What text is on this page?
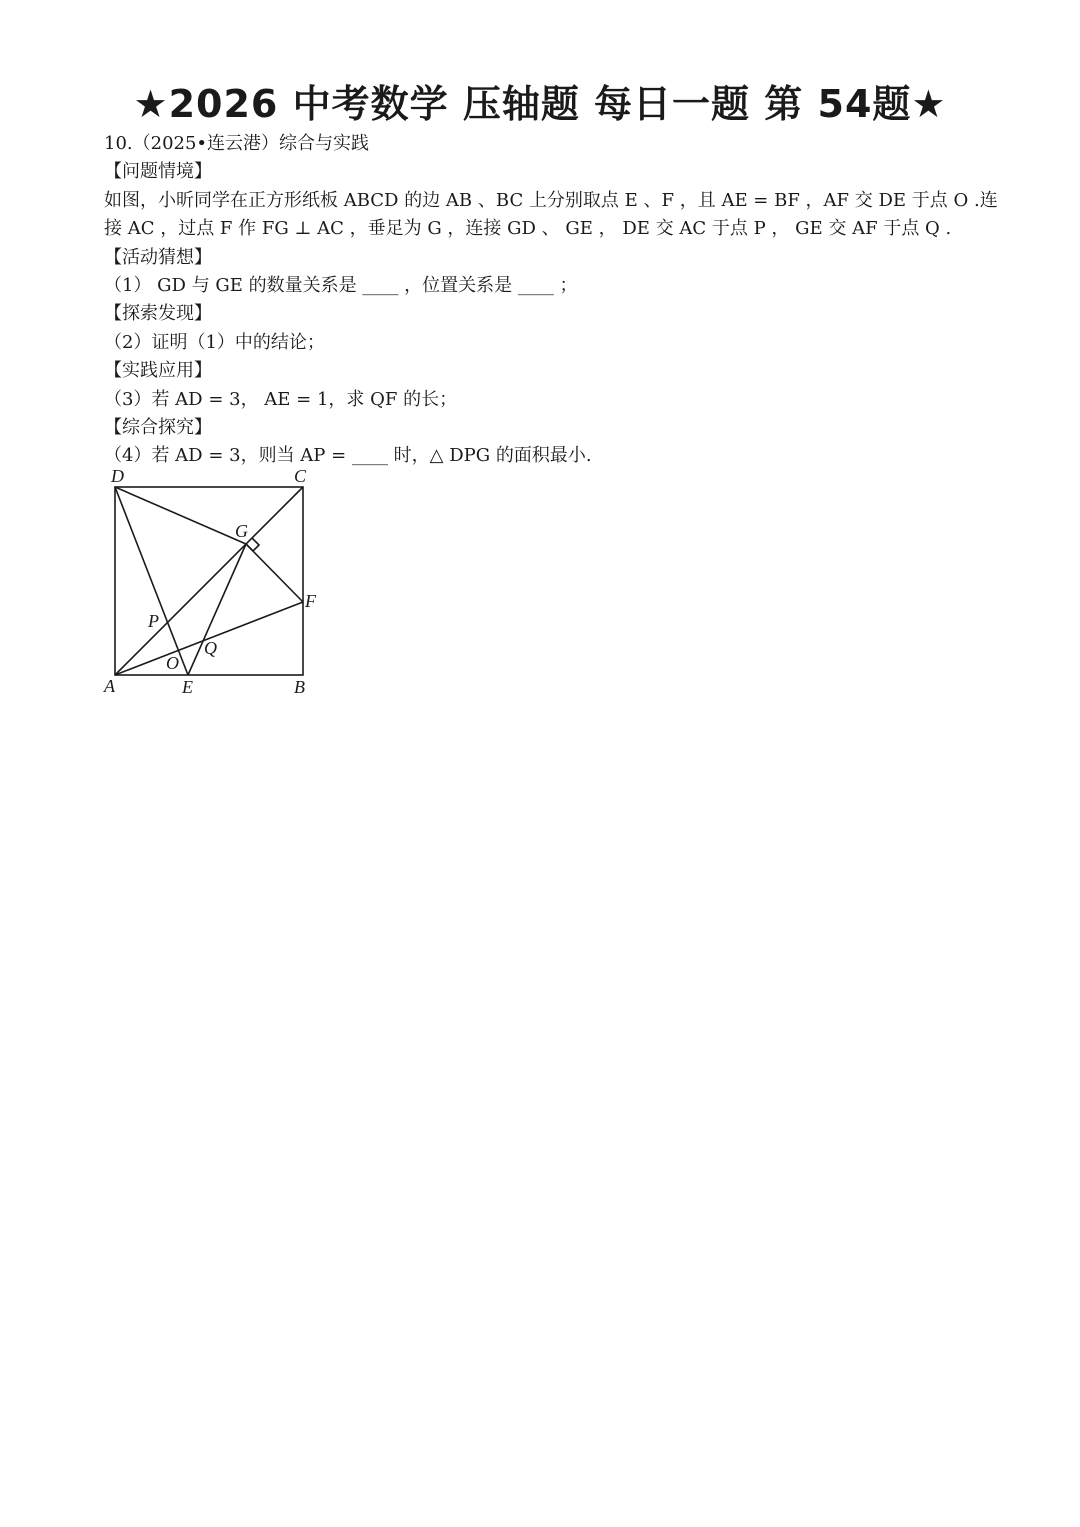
★2026 中考数学 压轴题 每日一题 第 54题★

10.（2025•连云港）综合与实践

【问题情境】

如图，小昕同学在正方形纸板 ABCD 的边 AB 、BC 上分别取点 E 、F ，且 AE = BF ，AF 交 DE 于点 O .连

接 AC ，过点 F 作 FG ⊥ AC ，垂足为 G ，连接 GD 、 GE ， DE 交 AC 于点 P ， GE 交 AF 于点 Q .

【活动猜想】

（1） GD 与 GE 的数量关系是 ____ ，位置关系是 ____ ；

【探索发现】

（2）证明（1）中的结论；

【实践应用】

（3）若 AD = 3， AE = 1，求 QF 的长；

【综合探究】

（4）若 AD = 3，则当 AP = ____ 时，△ DPG 的面积最小.

D	C
G
F
P
O
Q
A	E	B
